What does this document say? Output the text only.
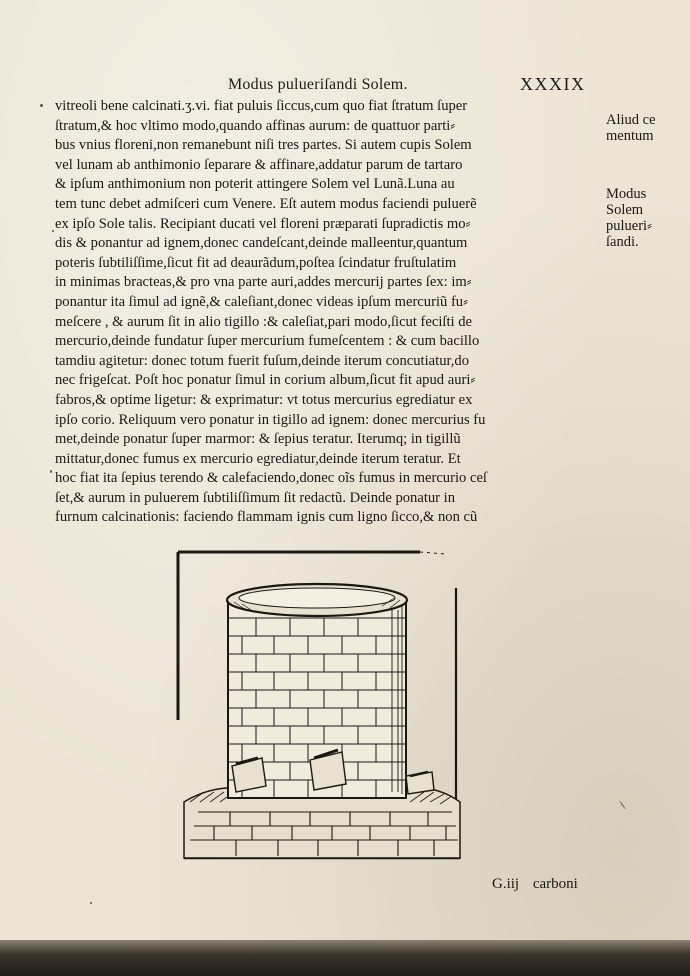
Modus pulueriſandi Solem.	XXXIX
vitreoli bene calcinati.ʒ.vi. fiat puluis ſiccus,cum quo fiat ſtratum ſuper
ſtratum,& hoc vltimo modo,quando affinas aurum: de quattuor parti⸗
bus vnius floreni,non remanebunt niſi tres partes. Si autem cupis Solem
vel lunam ab anthimonio ſeparare & affinare,addatur parum de tartaro
& ipſum anthimonium non poterit attingere Solem vel Lunã.Luna au
tem tunc debet admiſceri cum Venere. Eſt autem modus faciendi puluerẽ
ex ipſo Sole talis. Recipiant ducati vel floreni præparati ſupradictis mo⸗
dis & ponantur ad ignem,donec candeſcant,deinde malleentur,quantum
poteris ſubtiliſſime,ſicut fit ad deaurãdum,poſtea ſcindatur fruſtulatim
in minimas bracteas,& pro vna parte auri,addes mercurij partes ſex: im⸗
ponantur ita ſimul ad ignẽ,& caleſiant,donec videas ipſum mercuriũ fu⸗
meſcere , & aurum ſit in alio tigillo :& caleſiat,pari modo,ſicut feciſti de
mercurio,deinde fundatur ſuper mercurium fumeſcentem : & cum bacillo
tamdiu agitetur: donec totum fuerit fuſum,deinde iterum concutiatur,do
nec frigeſcat. Poſt hoc ponatur ſimul in corium album,ſicut fit apud auri⸗
fabros,& optime ligetur: & exprimatur: vt totus mercurius egrediatur ex
ipſo corio. Reliquum vero ponatur in tigillo ad ignem: donec mercurius fu
met,deinde ponatur ſuper marmor: & ſepius teratur. Iterumq; in tigillũ
mittatur,donec fumus ex mercurio egrediatur,deinde iterum teratur. Et
hoc fiat ita ſepius terendo & calefaciendo,donec oĩs fumus in mercurio ceſ
ſet,& aurum in puluerem ſubtiliſſimum ſit redactũ. Deinde ponatur in
furnum calcinationis: faciendo flammam ignis cum ligno ſicco,& non cũ
Aliud ce
mentum
Modus
Solem
pulueri⸗
ſandi.
G.iij carboni
